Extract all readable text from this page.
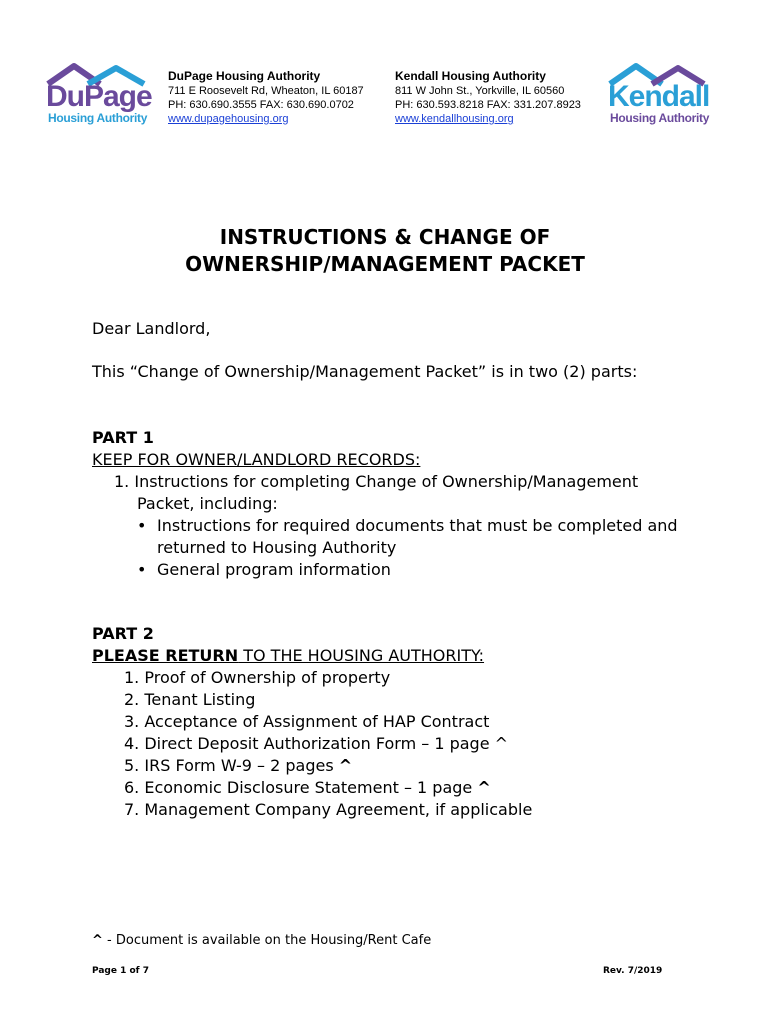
DuPage
Housing Authority
DuPage Housing Authority
711 E Roosevelt Rd, Wheaton, IL 60187
PH: 630.690.3555 FAX: 630.690.0702
www.dupagehousing.org
Kendall Housing Authority
811 W John St., Yorkville, IL 60560
PH: 630.593.8218 FAX: 331.207.8923
www.kendallhousing.org
Kendall
Housing Authority
INSTRUCTIONS & CHANGE OF
OWNERSHIP/MANAGEMENT PACKET
Dear Landlord,
This “Change of Ownership/Management Packet” is in two (2) parts:
PART 1
KEEP FOR OWNER/LANDLORD RECORDS:
1. Instructions for completing Change of Ownership/Management
Packet, including:
• Instructions for required documents that must be completed and
returned to Housing Authority
• General program information
PART 2
PLEASE RETURN TO THE HOUSING AUTHORITY:
1. Proof of Ownership of property
2. Tenant Listing
3. Acceptance of Assignment of HAP Contract
4. Direct Deposit Authorization Form – 1 page ^
5. IRS Form W-9 – 2 pages ^
6. Economic Disclosure Statement – 1 page ^
7. Management Company Agreement, if applicable
^ - Document is available on the Housing/Rent Cafe
Page 1 of 7	Rev. 7/2019
